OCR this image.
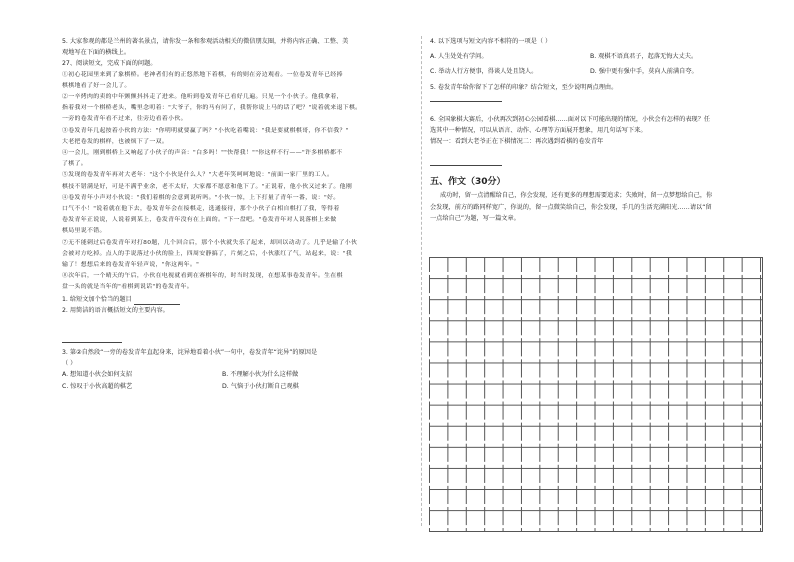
5. 大家参观的都是兰州的著名景点，请你发一条和参观活动相关的微信朋友圈，并将内容正确、工整、美
观地写在下面的横线上。
27、阅读短文，完成下面的问题。
①初心花园里来到了象棋桥。老神者们有的正悠然地下着棋，有的则在旁边观看。一位卷发青年已经捧
棋棋地看了好一会儿了。
②一辛烤肉的卖的中年颤颤抖抖走了进来。他听到卷发青年已看好几遍。只见一个小伙子。他我拿着，
指着我对一个棋桥老头，嘴里念叨着："大爷子，你的马有问了，我帮你说上马的话了吧？"说着就来退下棋。
一旁的卷发青年看不过来，往旁边看着小伙。
③卷发青年几起按着小伙的方法："你明明就要赢了吗？"小伙吃着嘴说："我是要就棋棋哥，你不信我？"
大老把卷发的棋样，也被烦下了一双。
④一会儿，刚到棋桥上又响起了小伙子的声音："白多吗！""快帮我！""你这样不行——"许多棋桥都不
了棋了。
⑤发现的卷发青年再对大老年："这个小伙是什么人？"大老年笑呵呵地说："前面一家厂里的工人。
棋技不错满是好，可是不满乎业余，老不太好，大家都不愿意和他下了。"正说着，他小伙又过来了。他刚
④卷发青年小声对小伙说："我们着棋的会意到说听吗。"小伙一惊，上下打量了青年一番，说："好。
口气不小！"说着就在他下去，卷发青年会在接棋走，选通接待，那个小伙子白相自棋打了我，等得着
卷发青年正说说，人说着到某上，卷发青年没有在上面的。"下一盘吧。"卷发青年对人说落棋上来做
棋局里说不错。
⑦无不能刺过后卷发青年对打80题，几个回合后，那个小伙就失乐了起来，却回以动动了。几乎是输了小伙
会被对方吃掉。点人的手说落过小伙的脸上，四周安静搞了，片刻之后，小伙涨红了气，站起来，说："我
输了！想想后来的卷发青年轻声说，"你这两年。"
⑧次年后，一个晴天的午后，小伙在电视就看到在赛棋年的，时当时发现，在想某事卷发青年。生在棋
盘一头的就是当年的"看棋到说话"的卷发青年。
1. 给短文加个恰当的题目
2. 用简洁的语言概括短文的主要内容。
3. 第②自然段“一旁的卷发青年直起身来，诧异地看着小伙”一句中，卷发青年“诧异”的原因是
（ ）
A. 想知道小伙会如何支招	B. 不理解小伙为什么这样做
C. 惊叹于小伙高超的棋艺	D. 气恼于小伙打断自己观棋
4. 以下选项与短文内容不相符的一项是（ ）
A. 人生处处有学问。	B. 观棋不语真君子，起落无悔大丈夫。
C. 举动人行方便事，得谈人处且饶人。	D. 强中更有强中手，莫向人前满自夸。
5. 卷发青年给你留下了怎样的印象？结合短文，至少说明两点理由。
6. 全国象棋大赛后，小伙再次到初心公园看棋……面对以下可能出现的情况，小伙会有怎样的表现？任
选其中一种情况，可以从语言、动作、心理等方面展开想象，用几句话写下来。
情况一：看到大老爷正在下棋情况二：再次遇到看棋的卷发青年
五、作文（30分）
成功时，留一点清醒给自己，你会发现，还有更多的理想需要追求；失败时，留一点梦想给自己，你
会发现，前方的路同样宽广，你说的，留一点微笑给自己，你会发现，手几的生活充满阳光……请以“留
一点给自己”为题，写一篇文章。
